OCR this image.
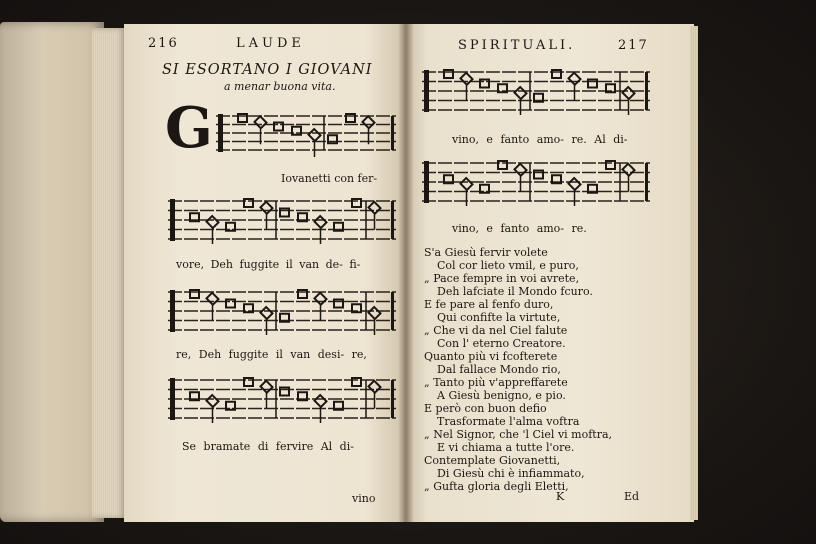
216	LAUDE
SI ESORTANO I GIOVANI
a menar buona vita.
G
Iovanetti con fer-
vore, Deh fuggite il van de- fi-
re, Deh fuggite il van desi- re,
Se bramate di fervire Al di-
vino
SPIRITUALI.	217
vino, e fanto amo- re. Al di-
vino, e fanto amo- re.
S'a Giesù fervir volete
Col cor lieto vmil, e puro,
„ Pace fempre in voi avrete,
Deh lafciate il Mondo fcuro.
E fe pare al fenfo duro,
Qui confifte la virtute,
„ Che vi da nel Ciel falute
Con l' eterno Creatore.
Quanto più vi fcofterete
Dal fallace Mondo rio,
„ Tanto più v'appreffarete
A Giesù benigno, e pio.
E però con buon defio
Trasformate l'alma voftra
„ Nel Signor, che 'l Ciel vi moftra,
E vi chiama a tutte l'ore.
Contemplate Giovanetti,
Di Giesù chi è infiammato,
„ Gufta gloria degli Eletti,
K	Ed
